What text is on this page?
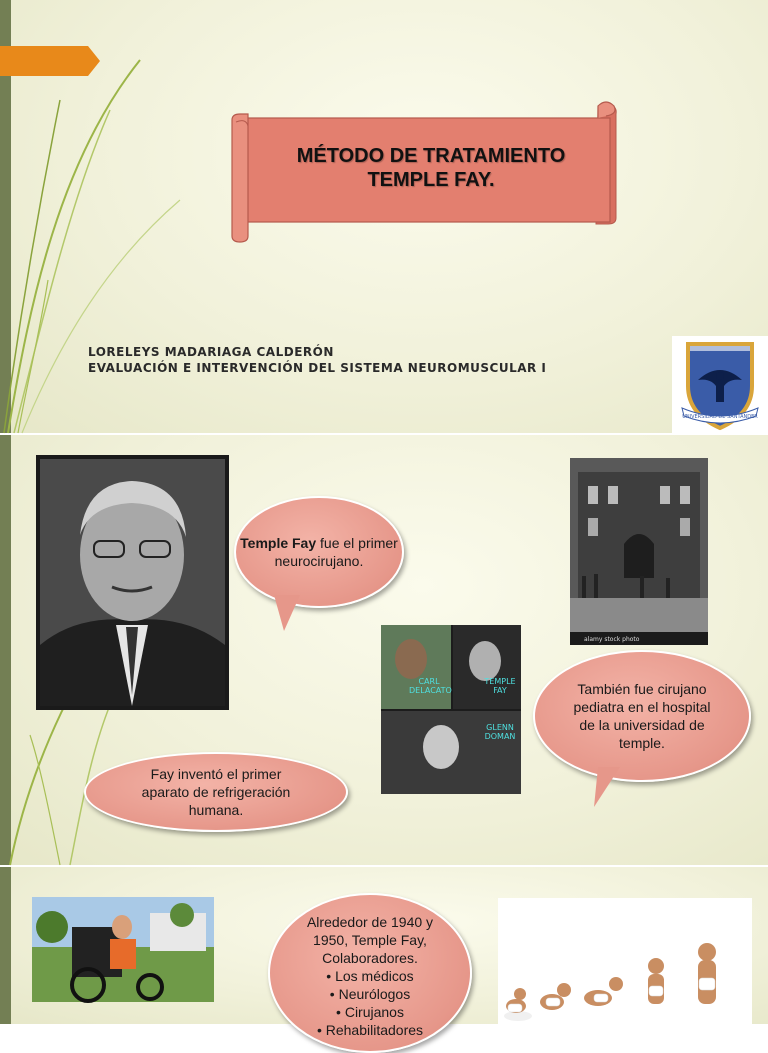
MÉTODO DE TRATAMIENTO
TEMPLE FAY.
LORELEYS MADARIAGA CALDERÓN
EVALUACIÓN E INTERVENCIÓN DEL SISTEMA NEUROMUSCULAR I
UNIVERSIDAD DE SANTANDER
Temple Fay fue el primer neurocirujano.
alamy stock photo
CARL DELACATO
TEMPLE FAY
GLENN DOMAN
También fue cirujano pediatra en el hospital de la universidad de temple.
Fay inventó el primer aparato de refrigeración humana.
Alrededor de 1940 y 1950, Temple Fay, Colaboradores.
• Los médicos
• Neurólogos
• Cirujanos
• Rehabilitadores
